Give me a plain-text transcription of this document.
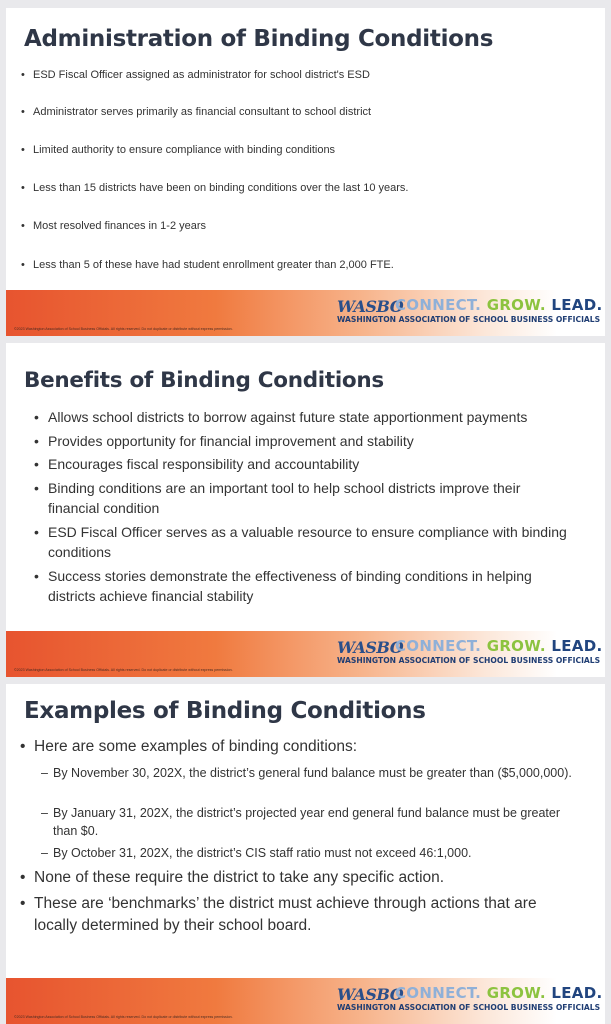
Administration of Binding Conditions
• ESD Fiscal Officer assigned as administrator for school district's ESD
• Administrator serves primarily as financial consultant to school district
• Limited authority to ensure compliance with binding conditions
• Less than 15 districts have been on binding conditions over the last 10 years.
• Most resolved finances in 1-2 years
• Less than 5 of these have had student enrollment greater than 2,000 FTE.
©2023 Washington Association of School Business Officials. All rights reserved. Do not duplicate or distribute without express permission.
WASBO
CONNECT. GROW. LEAD.
WASHINGTON ASSOCIATION OF SCHOOL BUSINESS OFFICIALS
Benefits of Binding Conditions
• Allows school districts to borrow against future state apportionment payments
• Provides opportunity for financial improvement and stability
• Encourages fiscal responsibility and accountability
• Binding conditions are an important tool to help school districts improve their financial condition
• ESD Fiscal Officer serves as a valuable resource to ensure compliance with binding conditions
• Success stories demonstrate the effectiveness of binding conditions in helping districts achieve financial stability
©2023 Washington Association of School Business Officials. All rights reserved. Do not duplicate or distribute without express permission.
WASBO
CONNECT. GROW. LEAD.
WASHINGTON ASSOCIATION OF SCHOOL BUSINESS OFFICIALS
Examples of Binding Conditions
• Here are some examples of binding conditions:
– By November 30, 202X, the district’s general fund balance must be greater than ($5,000,000).
– By January 31, 202X, the district’s projected year end general fund balance must be greater than $0.
– By October 31, 202X, the district’s CIS staff ratio must not exceed 46:1,000.
• None of these require the district to take any specific action.
• These are ‘benchmarks’ the district must achieve through actions that are locally determined by their school board.
©2023 Washington Association of School Business Officials. All rights reserved. Do not duplicate or distribute without express permission.
WASBO
CONNECT. GROW. LEAD.
WASHINGTON ASSOCIATION OF SCHOOL BUSINESS OFFICIALS
